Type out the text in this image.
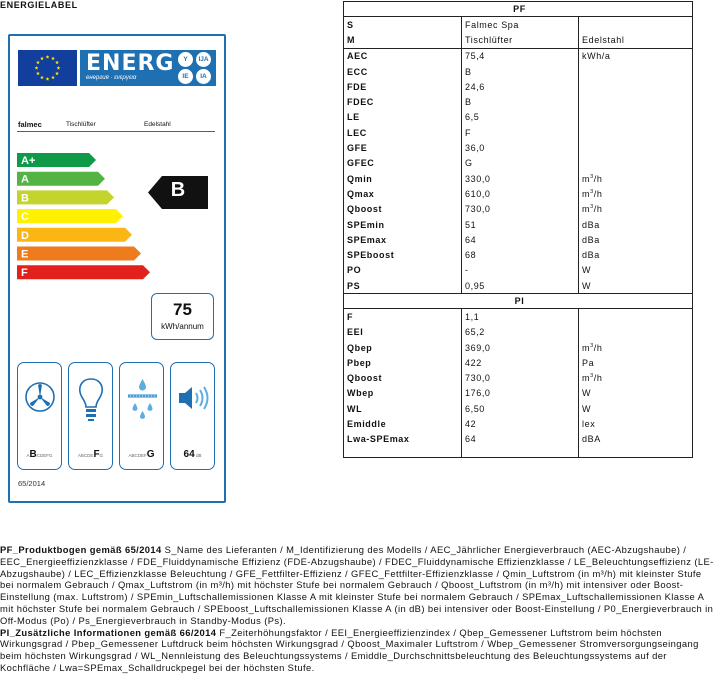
ENERGIELABEL
ENERG
енергия · ενεργεια
Y	IJA
IE	IA
falmec	Tischlüfter	Edelstahl
A+
A
B
C
D
E
F
B
75
kWh/annum
ABCDEFG	ABCDEFG	ABCDEFG	64 dB
65/2014
PF		
S	Falmec Spa	
M	Tischlüfter	Edelstahl
AEC	75,4	kWh/a
ECC	B	
FDE	24,6	
FDEC	B	
LE	6,5	
LEC	F	
GFE	36,0	
GFEC	G	
Qmin	330,0	$m^3/h$
Qmax	610,0	$m^3/h$
Qboost	730,0	$m^3/h$
SPEmin	51	dBa
SPEmax	64	dBa
SPEboost	68	dBa
PO	-	W
PS	0,95	W
PI		
F	1,1	
EEI	65,2	
Qbep	369,0	$m^3/h$
Pbep	422	Pa
Qboost	730,0	$m^3/h$
Wbep	176,0	W
WL	6,50	W
Emiddle	42	lex
Lwa-SPEmax	64	dBA

PF_Produktbogen gemäß 65/2014 S_Name des Lieferanten / M_Identifizierung des Modells / AEC_Jährlicher Energieverbrauch (AEC-Abzugshaube) / EEC_Energieeffizienzklasse / FDE_Fluiddynamische Effizienz (FDE-Abzugshaube) / FDEC_Fluiddynamische Effizienzklasse / LE_Beleuchtungseffizienz (LE-Abzugshaube) / LEC_Effizienzklasse Beleuchtung / GFE_Fettfilter-Effizienz / GFEC_Fettfilter-Effizienzklasse / Qmin_Luftstrom (in m³/h) mit kleinster Stufe bei normalem Gebrauch / Qmax_Luftstrom (in m³/h) mit höchster Stufe bei normalem Gebrauch / Qboost_Luftstrom (in m³/h) mit intensiver oder Boost-Einstellung (max. Luftstrom) / SPEmin_Luftschallemissionen Klasse A mit kleinster Stufe bei normalem Gebrauch / SPEmax_Luftschallemissionen Klasse A mit höchster Stufe bei normalem Gebrauch / SPEboost_Luftschallemissionen Klasse A (in dB) bei intensiver oder Boost-Einstellung / P0_Energieverbrauch in Off-Modus (Po) / Ps_Energieverbrauch in Standby-Modus (Ps).
PI_Zusätzliche Informationen gemäß 66/2014 F_Zeiterhöhungsfaktor / EEI_Energieeffizienzindex / Qbep_Gemessener Luftstrom beim höchsten Wirkungsgrad / Pbep_Gemessener Luftdruck beim höchsten Wirkungsgrad / Qboost_Maximaler Luftstrom / Wbep_Gemessener Stromversorgungseingang beim höchsten Wirkungsgrad / WL_Nennleistung des Beleuchtungssystems / Emiddle_Durchschnittsbeleuchtung des Beleuchtungssystems auf der Kochfläche / Lwa=SPEmax_Schalldruckpegel bei der höchsten Stufe.
